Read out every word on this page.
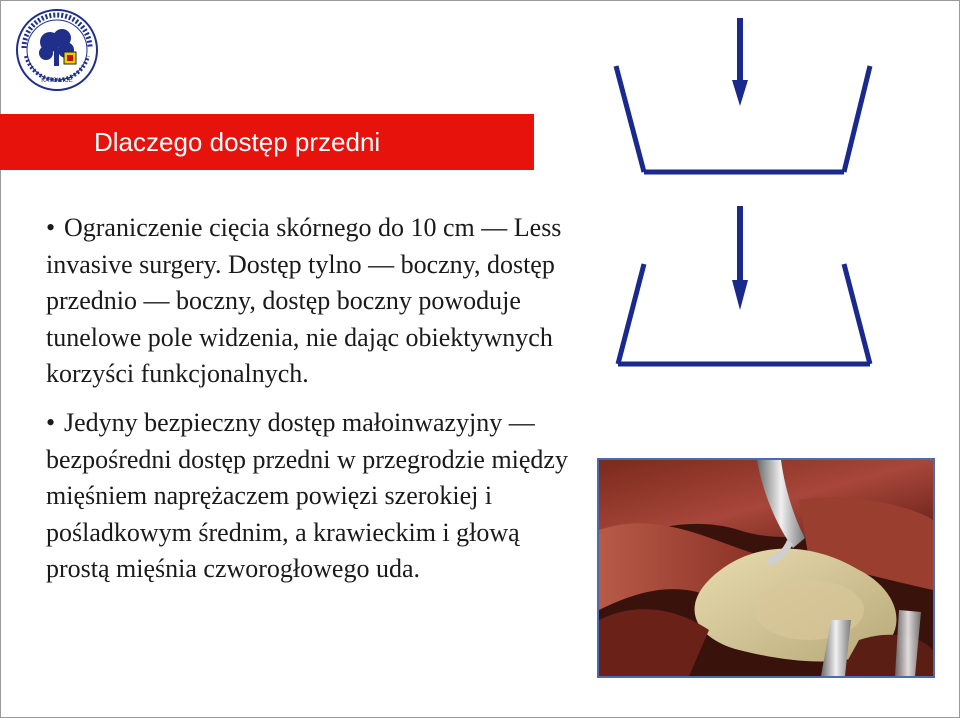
KATOWICE
Dlaczego dostęp przedni
• Ograniczenie cięcia skórnego do 10 cm — Less invasive surgery. Dostęp tylno — boczny, dostęp przednio — boczny, dostęp boczny powoduje tunelowe pole widzenia, nie dając obiektywnych korzyści funkcjonalnych.
• Jedyny bezpieczny dostęp małoinwazyjny — bezpośredni dostęp przedni w przegrodzie między mięśniem naprężaczem powięzi szerokiej i pośladkowym średnim, a krawieckim i głową prostą mięśnia czworogłowego uda.
